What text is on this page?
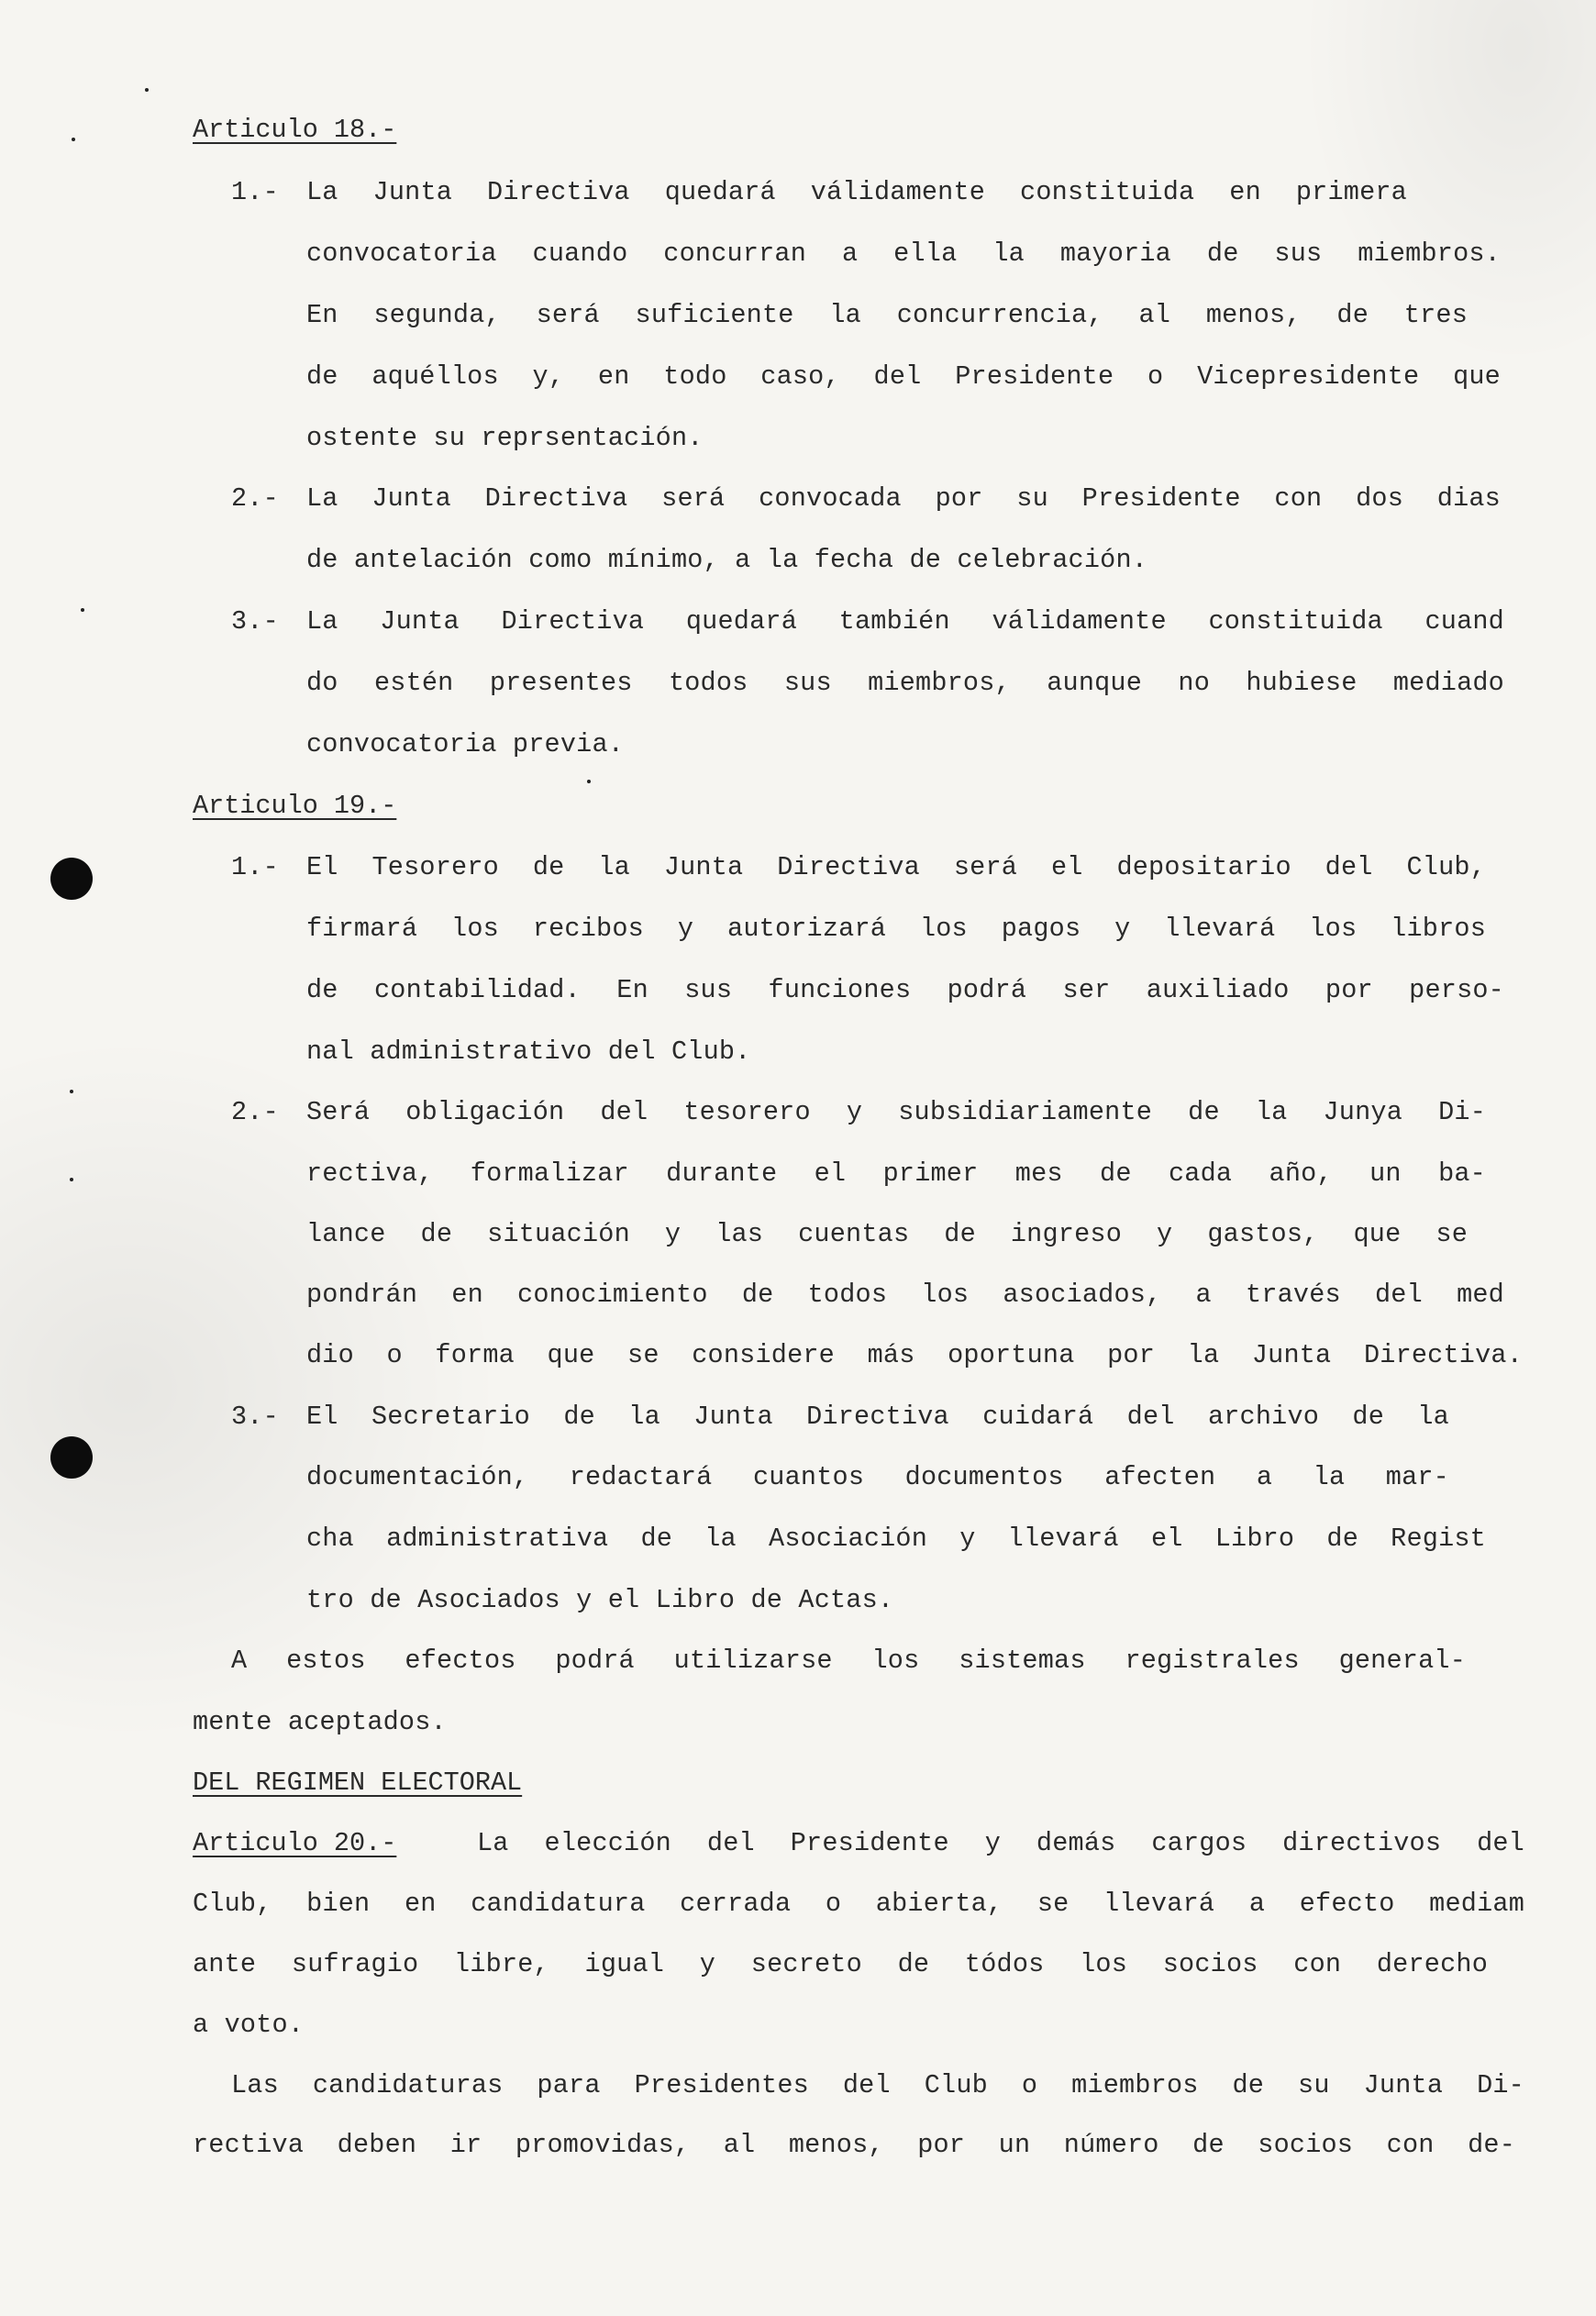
Articulo 18.-
1.- La Junta Directiva quedará válidamente constituida en primera
convocatoria cuando concurran a ella la mayoria de sus miembros.
En segunda, será suficiente la concurrencia, al menos, de tres
de aquéllos y, en todo caso, del Presidente o Vicepresidente que
ostente su reprsentación.
2.- La Junta Directiva será convocada por su Presidente con dos dias
de antelación como mínimo, a la fecha de celebración.
3.- La Junta Directiva quedará también válidamente constituida cuand
do estén presentes todos sus miembros, aunque no hubiese mediado
convocatoria previa.
Articulo 19.-
1.- El Tesorero de la Junta Directiva será el depositario del Club,
firmará los recibos y autorizará los pagos y llevará los libros
de contabilidad. En sus funciones podrá ser auxiliado por perso-
nal administrativo del Club.
2.- Será obligación del tesorero y subsidiariamente de la Junya Di-
rectiva, formalizar durante el primer mes de cada año, un ba-
lance de situación y las cuentas de ingreso y gastos, que se
pondrán en conocimiento de todos los asociados, a través del med
dio o forma que se considere más oportuna por la Junta Directiva.
3.- El Secretario de la Junta Directiva cuidará del archivo de la
documentación, redactará cuantos documentos afecten a la mar-
cha administrativa de la Asociación y llevará el Libro de Regist
tro de Asociados y el Libro de Actas.
A estos efectos podrá utilizarse los sistemas registrales general-
mente aceptados.
DEL REGIMEN ELECTORAL
Articulo 20.-	La elección del Presidente y demás cargos directivos del
Club, bien en candidatura cerrada o abierta, se llevará a efecto mediam
ante sufragio libre, igual y secreto de tódos los socios con derecho
a voto.
Las candidaturas para Presidentes del Club o miembros de su Junta Di-
rectiva deben ir promovidas, al menos, por un número de socios con de-
